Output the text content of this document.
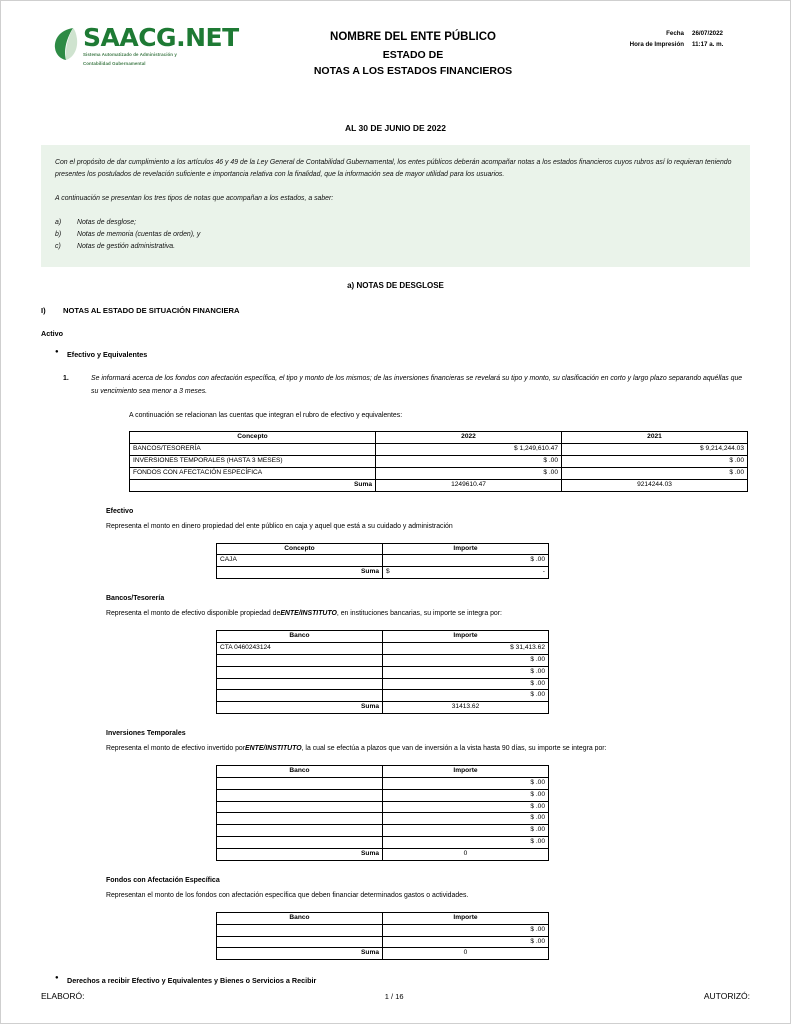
SAACG.NET
Sistema Automatizado de Administración y
Contabilidad Gubernamental
NOMBRE DEL ENTE PÚBLICO
ESTADO DE
NOTAS A LOS ESTADOS FINANCIEROS
Fecha 26/07/2022
Hora de Impresión 11:17 a. m.
AL 30 DE JUNIO DE 2022

Con el propósito de dar cumplimiento a los artículos 46 y 49 de la Ley General de Contabilidad Gubernamental, los entes públicos deberán acompañar notas a los estados financieros cuyos rubros así lo requieran teniendo presentes los postulados de revelación suficiente e importancia relativa con la finalidad, que la información sea de mayor utilidad para los usuarios.

A continuación se presentan los tres tipos de notas que acompañan a los estados, a saber:

a)	Notas de desglose;
b)	Notas de memoria (cuentas de orden), y
c)	Notas de gestión administrativa.
a) NOTAS DE DESGLOSE
I) NOTAS AL ESTADO DE SITUACIÓN FINANCIERA
Activo
● Efectivo y Equivalentes
1.	Se informará acerca de los fondos con afectación específica, el tipo y monto de los mismos; de las inversiones financieras se revelará su tipo y monto, su clasificación en corto y largo plazo separando aquéllas que su vencimiento sea menor a 3 meses.
A continuación se relacionan las cuentas que integran el rubro de efectivo y equivalentes:
Concepto	2022	2021
BANCOS/TESORERÍA	$ 1,249,610.47	$ 9,214,244.03
INVERSIONES TEMPORALES (HASTA 3 MESES)	$ .00	$ .00
FONDOS CON AFECTACIÓN ESPECÍFICA	$ .00	$ .00
Suma	1249610.47	9214244.03
Efectivo
Representa el monto en dinero propiedad del ente público en caja y aquel que está a su cuidado y administración
Concepto	Importe
CAJA	$ .00
Suma	$ -
Bancos/Tesorería
Representa el monto de efectivo disponible propiedad deENTE/INSTITUTO, en instituciones bancarias, su importe se integra por:
Banco	Importe
CTA 0460243124	$ 31,413.62
	$ .00
	$ .00
	$ .00
	$ .00
Suma	31413.62
Inversiones Temporales
Representa el monto de efectivo invertido porENTE/INSTITUTO, la cual se efectúa a plazos que van de inversión a la vista hasta 90 días, su importe se integra por:
Banco	Importe
	$ .00
	$ .00
	$ .00
	$ .00
	$ .00
	$ .00
Suma	0
Fondos con Afectación Específica
Representan el monto de los fondos con afectación específica que deben financiar determinados gastos o actividades.
Banco	Importe
	$ .00
	$ .00
Suma	0
● Derechos a recibir Efectivo y Equivalentes y Bienes o Servicios a Recibir
ELABORÓ:	1 / 16	AUTORIZÓ:
